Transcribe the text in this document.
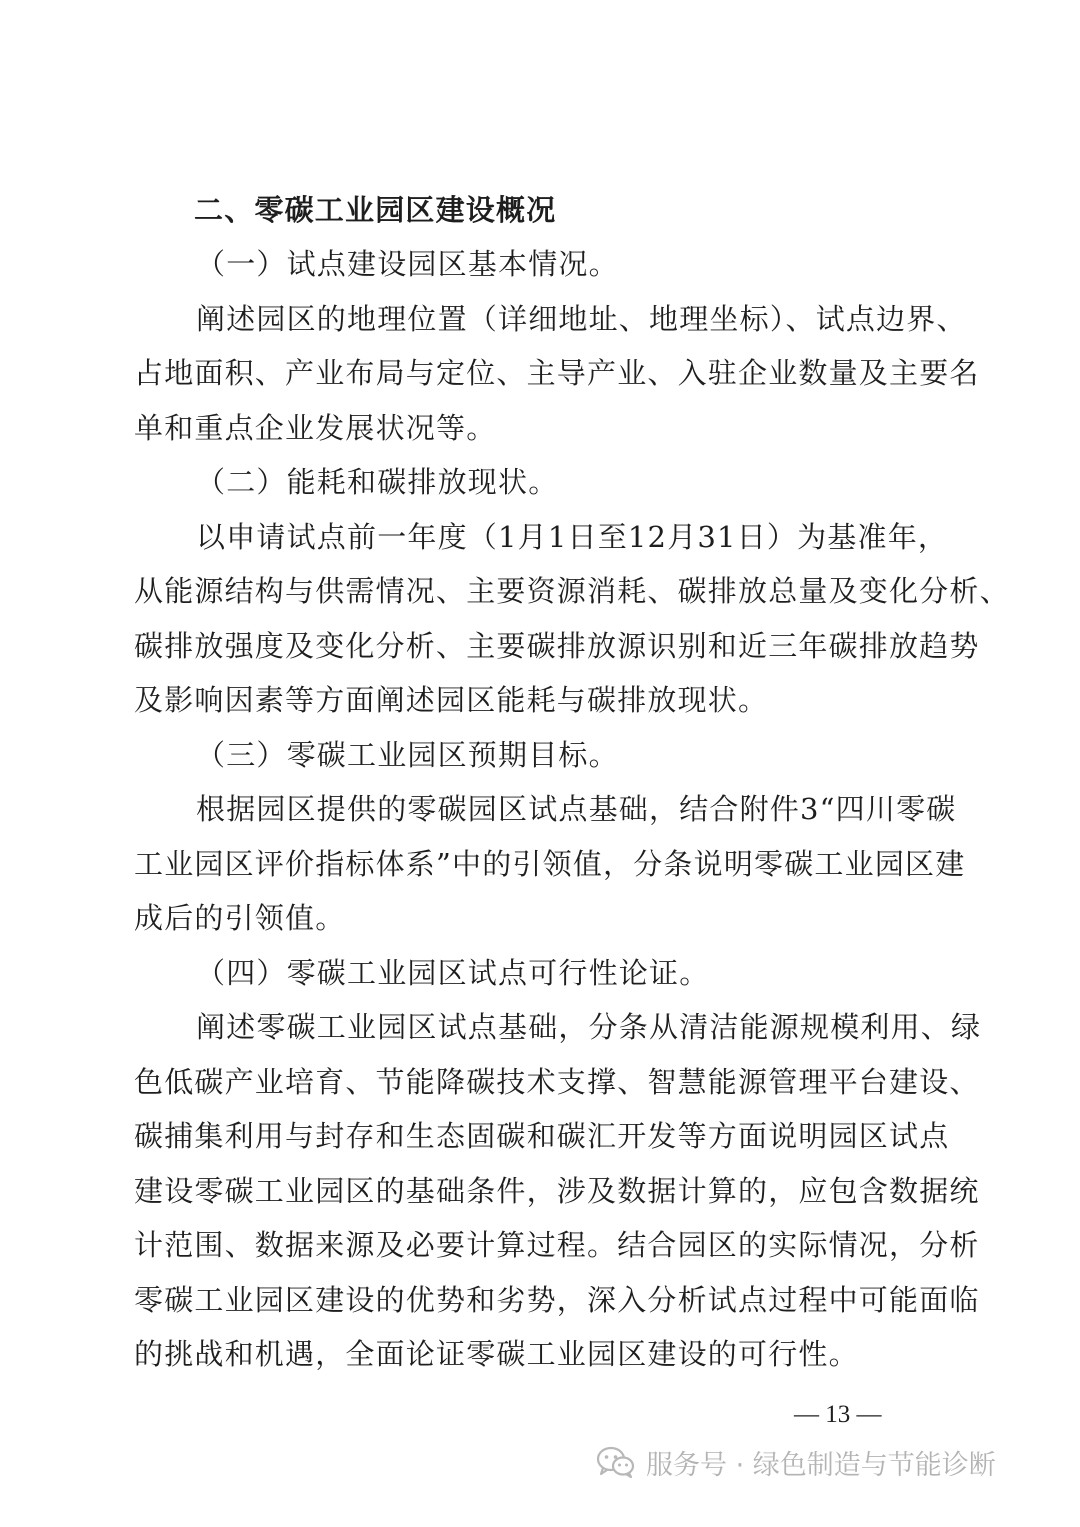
二、零碳工业园区建设概况
（一）试点建设园区基本情况。
阐述园区的地理位置（详细地址、地理坐标）、试点边界、
占地面积、产业布局与定位、主导产业、入驻企业数量及主要名
单和重点企业发展状况等。
（二）能耗和碳排放现状。
以申请试点前一年度（1月1日至12月31日）为基准年，
从能源结构与供需情况、主要资源消耗、碳排放总量及变化分析、
碳排放强度及变化分析、主要碳排放源识别和近三年碳排放趋势
及影响因素等方面阐述园区能耗与碳排放现状。
（三）零碳工业园区预期目标。
根据园区提供的零碳园区试点基础，结合附件3“四川零碳
工业园区评价指标体系”中的引领值，分条说明零碳工业园区建
成后的引领值。
（四）零碳工业园区试点可行性论证。
阐述零碳工业园区试点基础，分条从清洁能源规模利用、绿
色低碳产业培育、节能降碳技术支撑、智慧能源管理平台建设、
碳捕集利用与封存和生态固碳和碳汇开发等方面说明园区试点
建设零碳工业园区的基础条件，涉及数据计算的，应包含数据统
计范围、数据来源及必要计算过程。结合园区的实际情况，分析
零碳工业园区建设的优势和劣势，深入分析试点过程中可能面临
的挑战和机遇，全面论证零碳工业园区建设的可行性。
— 13 —
服务号 · 绿色制造与节能诊断
